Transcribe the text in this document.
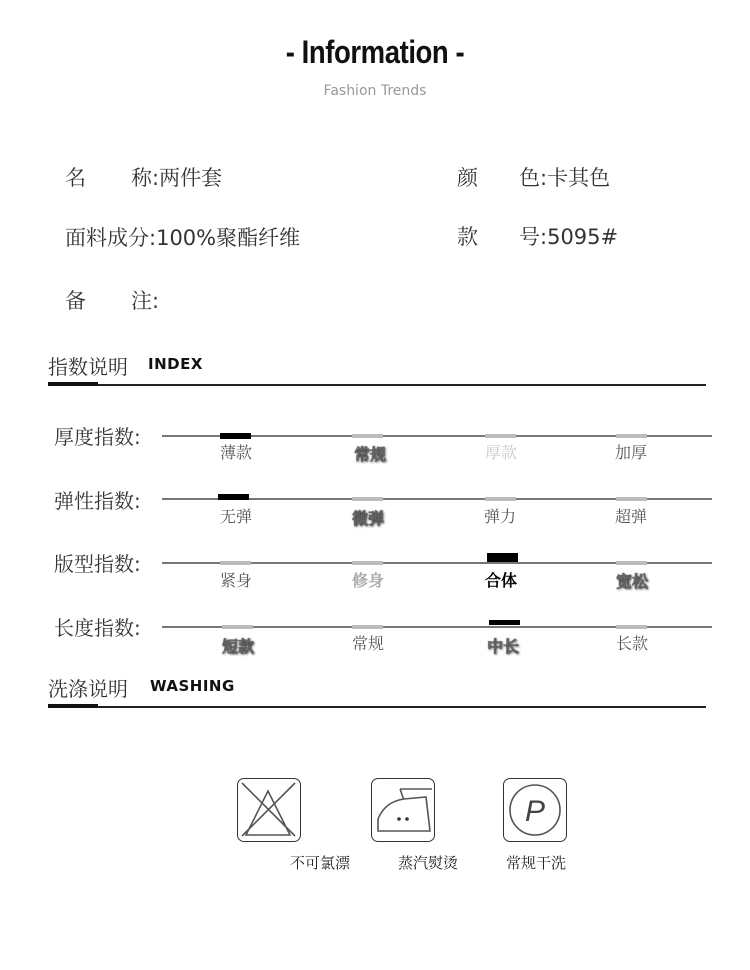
- Information -
Fashion Trends
名 称:两件套	颜 色:卡其色
面料成分:100%聚酯纤维	款 号:5095#
备 注:
指数说明 INDEX
厚度指数:
薄款	常规	厚款	加厚
弹性指数:
无弹	微弹	弹力	超弹
版型指数:
紧身	修身	合体	宽松
长度指数:
短款	常规	中长	长款
洗涤说明 WASHING
P
不可氯漂	蒸汽熨烫	常规干洗
